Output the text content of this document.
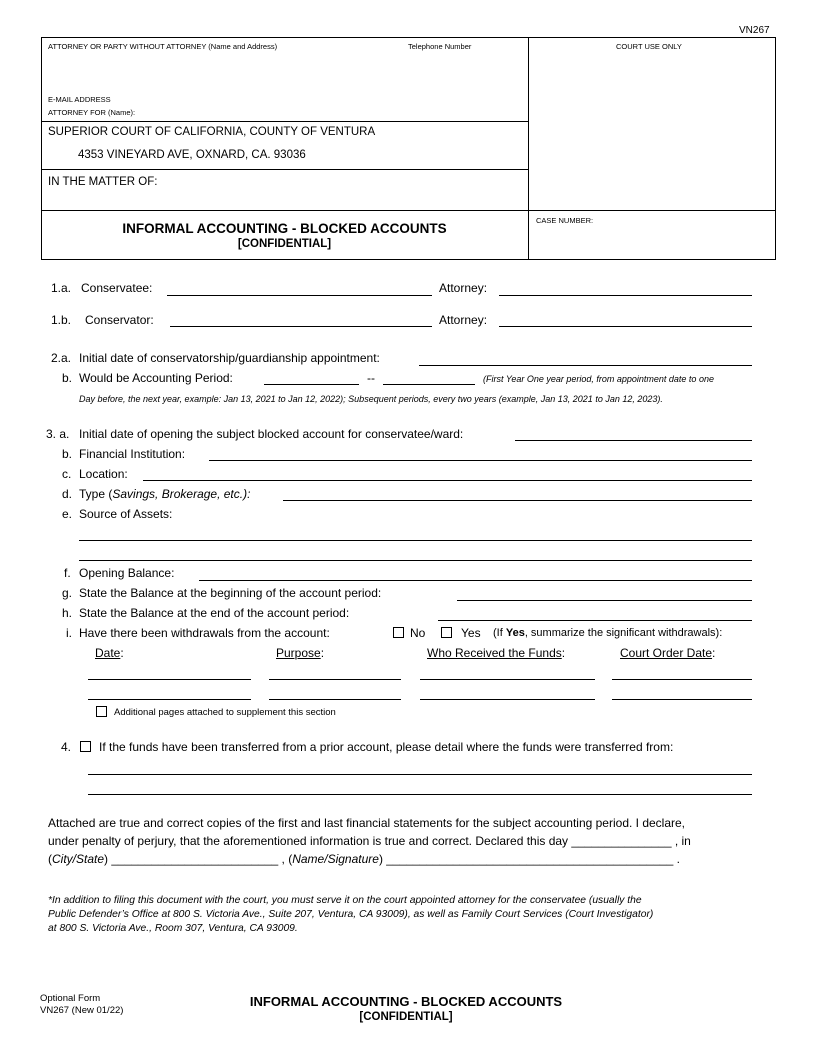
VN267
ATTORNEY OR PARTY WITHOUT ATTORNEY (Name and Address)	Telephone Number	COURT USE ONLY
E-MAIL ADDRESS
ATTORNEY FOR (Name):
SUPERIOR COURT OF CALIFORNIA, COUNTY OF VENTURA
4353 VINEYARD AVE, OXNARD, CA. 93036
IN THE MATTER OF:
INFORMAL ACCOUNTING - BLOCKED ACCOUNTS
[CONFIDENTIAL]
CASE NUMBER:
1.a. Conservatee:	Attorney:
1.b. Conservator:	Attorney:
2.a. Initial date of conservatorship/guardianship appointment:
b. Would be Accounting Period:	--	(First Year One year period, from appointment date to one
Day before, the next year, example: Jan 13, 2021 to Jan 12, 2022); Subsequent periods, every two years (example, Jan 13, 2021 to Jan 12, 2023).
3. a. Initial date of opening the subject blocked account for conservatee/ward:
b. Financial Institution:
c. Location:
d. Type (Savings, Brokerage, etc.):
e. Source of Assets:
f. Opening Balance:
g. State the Balance at the beginning of the account period:
h. State the Balance at the end of the account period:
i. Have there been withdrawals from the account:	No	Yes (If Yes, summarize the significant withdrawals):
Date:	Purpose:	Who Received the Funds:	Court Order Date:
Additional pages attached to supplement this section
4. If the funds have been transferred from a prior account, please detail where the funds were transferred from:
Attached are true and correct copies of the first and last financial statements for the subject accounting period. I declare,
under penalty of perjury, that the aforementioned information is true and correct. Declared this day _______________ , in
(City/State) _________________________ , (Name/Signature) ___________________________________________ .
*In addition to filing this document with the court, you must serve it on the court appointed attorney for the conservatee (usually the
Public Defender’s Office at 800 S. Victoria Ave., Suite 207, Ventura, CA 93009), as well as Family Court Services (Court Investigator)
at 800 S. Victoria Ave., Room 307, Ventura, CA 93009.
Optional Form
VN267 (New 01/22)
INFORMAL ACCOUNTING - BLOCKED ACCOUNTS
[CONFIDENTIAL]
